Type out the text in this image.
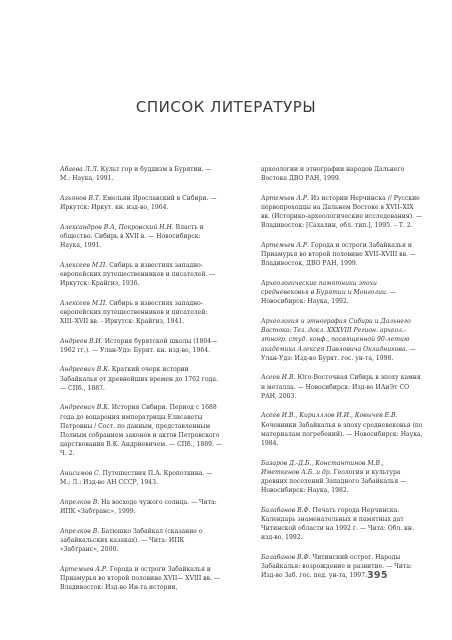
СПИСОК ЛИТЕРАТУРЫ

Абаева Л.Л. Культ гор и буддизм в Бурятии. — М.: Наука, 1991.

Азьянов В.Т. Емельян Ярославский в Сибири. — Иркутск: Иркут. кн. изд-во, 1964.

Александров В.А, Покровский Н.Н. Власть и общество. Сибирь в XVII в. — Новосибирск: Наука, 1991.

Алексеев М.П. Сибирь в известиях западно-европейских путешественников и писателей. — Иркутск: Крайгиз, 1936.

Алексеев М.П. Сибирь в известиях западно-европейских путешественников и писателей: XIII–XVII вв. - Иркутск: Крайгиз, 1941.

Андреев В.И. История бурятской школы (1804—1962 гг.). — Улан-Удэ: Бурят. кн. изд-во, 1964.

Андреевич В.К. Краткий очерк истории Забайкалья от древнейших времен до 1762 года. — СПб., 1887.

Андреевич В.К. История Сибири. Период с 1688 года до воцарения императрицы Елисаветы Петровны / Сост. по данным, представленным Полным собранием законов и актов Петровского царствования В.К. Андриевичем. — СПб., 1889. — Ч. 2.

Анисимов С. Путешествия П.А. Кропоткина. — М.; Л.: Изд-во АН СССР, 1943.

Апрелков В. На восходе чужого солнца. — Чита: ИПК «Забтранс», 1999.

Апрелков В. Батюшко Забайкал (сказание о забайкальских казаках). — Чита: ИПК «Забтранс», 2000.

Артемьев А.Р. Города и остроги Забайкалья и Приамурья во второй половине XVII— XVIII вв. — Владивосток: Изд-во Ин-та истории,

археологии и этнографии народов Дальнего Востока ДВО РАН, 1999.

Артемьев А.Р. Из истории Нерчинска // Русские первопроходцы на Дальнем Востоке в XVII–XIX вв. (Историко-археологические исследования). — Владивосток: [Сахалин, обл. тип.], 1995. – Т. 2.

Артемьев А.Р. Города и остроги Забайкалья и Приамурья во второй половине XVII–XVIII вв. — Владивосток, ДВО РАН, 1999.

Археологические памятники эпохи средневековья в Бурятии и Монголии. — Новосибирск: Наука, 1992.

Археология и этнография Сибири и Дальнего Востока: Тез. докл. XXXVIII Регион. археол.-этногр. студ. конф., посвященной 90-летию академика Алексея Павловича Окладникова. — Улан-Удэ: Изд-во Бурят. гос. ун-та, 1998.

Асеев И.В. Юго-Восточная Сибирь в эпоху камня и металла. — Новосибирск: Изд-во ИАиЭт СО РАН, 2003.

Асеев И.В., Кирилллов И.И., Ковычев Е.В. Кочевники Забайкалья в эпоху средневековья (по материалам погребений). — Новосибирск: Наука, 1984.

Базаров Д.-Д.Б., Константинов М.В., Иметкенов А.Б. и др. Геология и культура древних поселений Западного Забайкалья — Новосибирск: Наука, 1982.

Балабанов В.Ф. Печать города Нерчинска. Календарь знаменательных и памятных дат Читинской области на 1992 г. — Чита: Обл. кн. изд-во, 1992.

Балабанов В.Ф. Читинский острог. Народы Забайкалья: возрождение и развитие. — Чита: Изд-во Заб. гос. пед. ун-та, 1997. 395
